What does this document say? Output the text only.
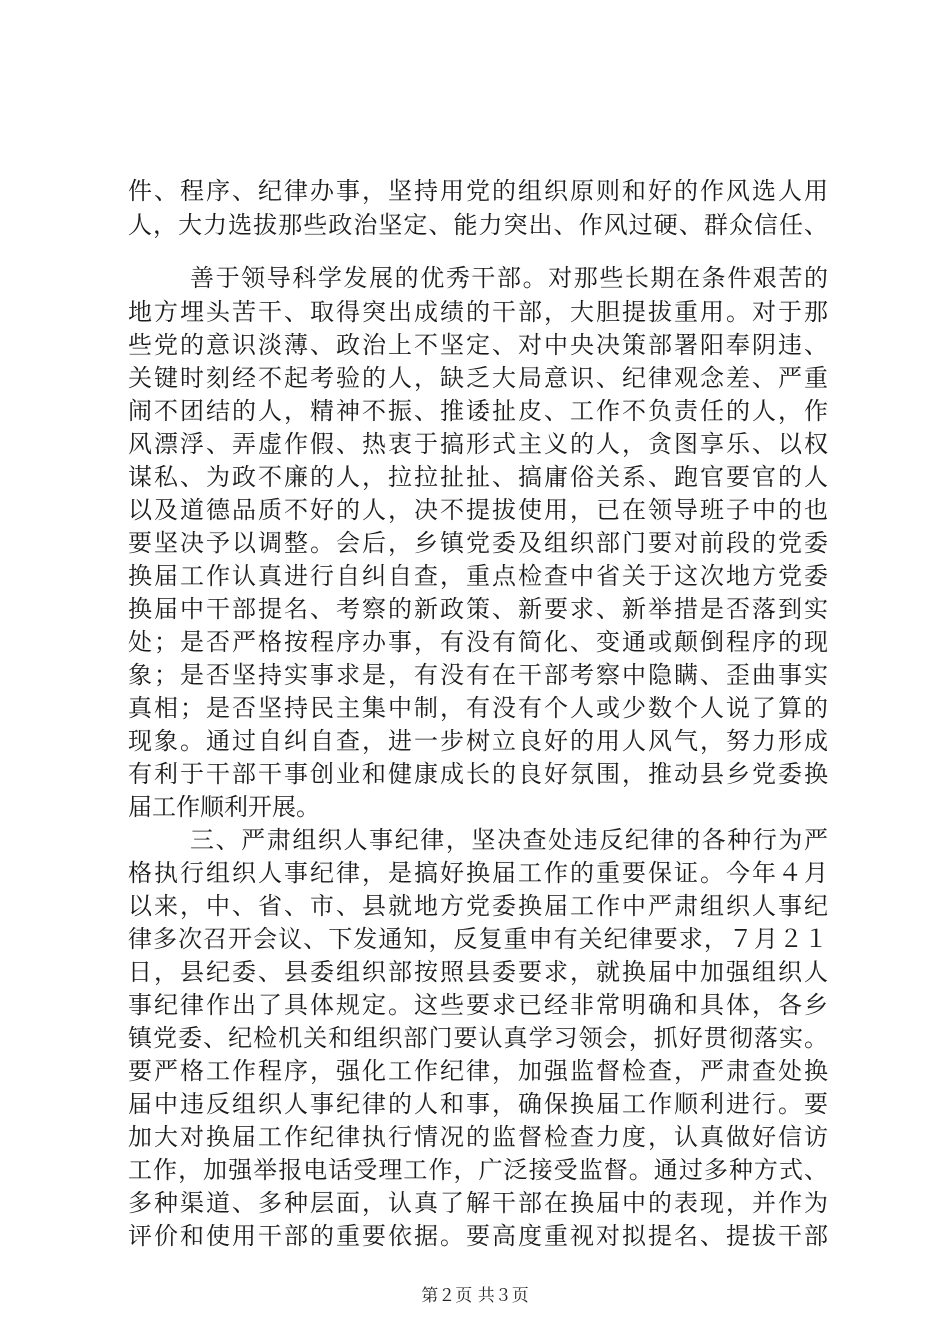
件、程序、纪律办事，坚持用党的组织原则和好的作风选人用
人，大力选拔那些政治坚定、能力突出、作风过硬、群众信任、
善于领导科学发展的优秀干部。对那些长期在条件艰苦的
地方埋头苦干、取得突出成绩的干部，大胆提拔重用。对于那
些党的意识淡薄、政治上不坚定、对中央决策部署阳奉阴违、
关键时刻经不起考验的人，缺乏大局意识、纪律观念差、严重
闹不团结的人，精神不振、推诿扯皮、工作不负责任的人，作
风漂浮、弄虚作假、热衷于搞形式主义的人，贪图享乐、以权
谋私、为政不廉的人，拉拉扯扯、搞庸俗关系、跑官要官的人
以及道德品质不好的人，决不提拔使用，已在领导班子中的也
要坚决予以调整。会后，乡镇党委及组织部门要对前段的党委
换届工作认真进行自纠自查，重点检查中省关于这次地方党委
换届中干部提名、考察的新政策、新要求、新举措是否落到实
处；是否严格按程序办事，有没有简化、变通或颠倒程序的现
象；是否坚持实事求是，有没有在干部考察中隐瞒、歪曲事实
真相；是否坚持民主集中制，有没有个人或少数个人说了算的
现象。通过自纠自查，进一步树立良好的用人风气，努力形成
有利于干部干事创业和健康成长的良好氛围，推动县乡党委换
届工作顺利开展。
三、严肃组织人事纪律，坚决查处违反纪律的各种行为严
格执行组织人事纪律，是搞好换届工作的重要保证。今年４月
以来，中、省、市、县就地方党委换届工作中严肃组织人事纪
律多次召开会议、下发通知，反复重申有关纪律要求，７月２１
日，县纪委、县委组织部按照县委要求，就换届中加强组织人
事纪律作出了具体规定。这些要求已经非常明确和具体，各乡
镇党委、纪检机关和组织部门要认真学习领会，抓好贯彻落实。
要严格工作程序，强化工作纪律，加强监督检查，严肃查处换
届中违反组织人事纪律的人和事，确保换届工作顺利进行。要
加大对换届工作纪律执行情况的监督检查力度，认真做好信访
工作，加强举报电话受理工作，广泛接受监督。通过多种方式、
多种渠道、多种层面，认真了解干部在换届中的表现，并作为
评价和使用干部的重要依据。要高度重视对拟提名、提拔干部
第２页 共３页
